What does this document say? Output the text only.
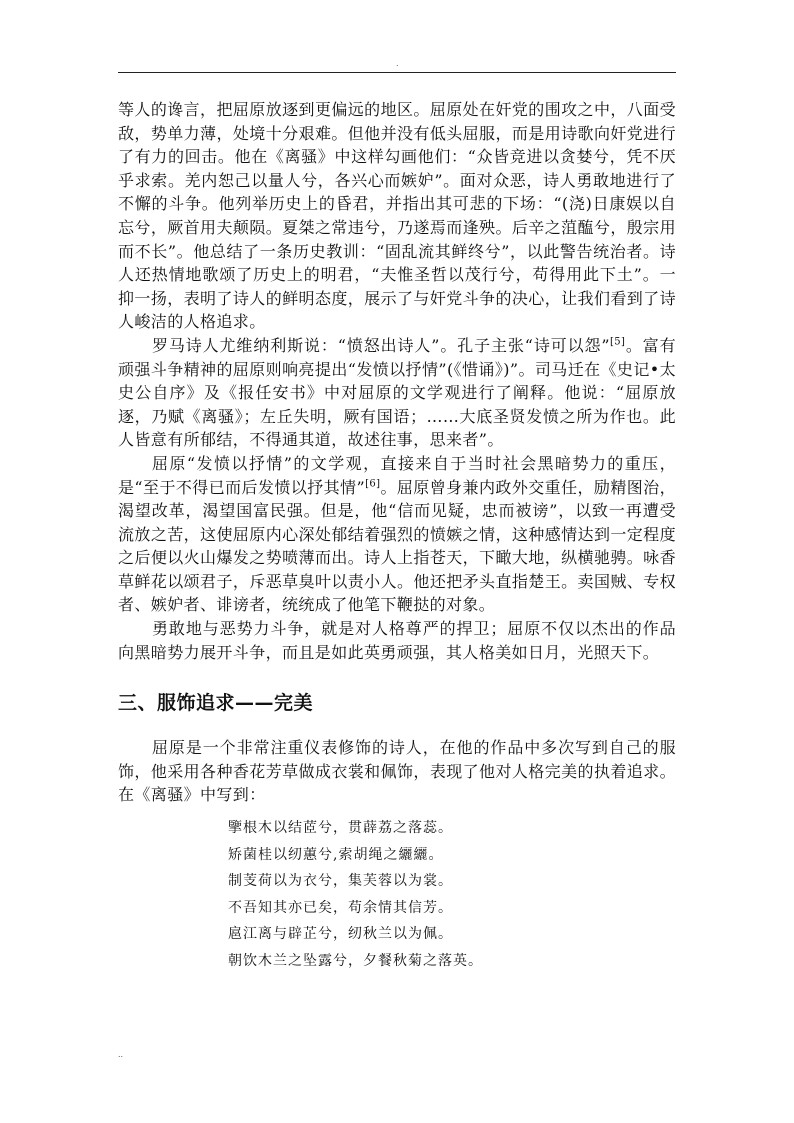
.

等人的谗言，把屈原放逐到更偏远的地区。屈原处在奸党的围攻之中，八面受敌，势单力薄，处境十分艰难。但他并没有低头屈服，而是用诗歌向奸党进行了有力的回击。他在《离骚》中这样勾画他们：“众皆竞进以贪婪兮，凭不厌乎求索。羌内恕己以量人兮，各兴心而嫉妒”。面对众恶，诗人勇敢地进行了不懈的斗争。他列举历史上的昏君，并指出其可悲的下场：“(浇)日康娱以自忘兮，厥首用夫颠陨。夏桀之常违兮，乃遂焉而逢殃。后辛之菹醢兮，殷宗用而不长”。他总结了一条历史教训：“固乱流其鲜终兮”，以此警告统治者。诗人还热情地歌颂了历史上的明君，“夫惟圣哲以茂行兮，苟得用此下土”。一抑一扬，表明了诗人的鲜明态度，展示了与奸党斗争的决心，让我们看到了诗人峻洁的人格追求。

罗马诗人尤维纳利斯说：“愤怒出诗人”。孔子主张“诗可以怨”[5]。富有顽强斗争精神的屈原则响亮提出“发愤以抒情”(《惜诵》)”。司马迁在《史记•太史公自序》及《报任安书》中对屈原的文学观进行了阐释。他说：“屈原放逐，乃赋《离骚》；左丘失明，厥有国语；……大底圣贤发愤之所为作也。此人皆意有所郁结，不得通其道，故述往事，思来者”。

屈原“发愤以抒情”的文学观，直接来自于当时社会黑暗势力的重压，是“至于不得已而后发愤以抒其情”[6]。屈原曾身兼内政外交重任，励精图治，渴望改革，渴望国富民强。但是，他“信而见疑，忠而被谤”，以致一再遭受流放之苦，这使屈原内心深处郁结着强烈的愤嫉之情，这种感情达到一定程度之后便以火山爆发之势喷薄而出。诗人上指苍天，下瞰大地，纵横驰骋。咏香草鲜花以颂君子，斥恶草臭叶以责小人。他还把矛头直指楚王。卖国贼、专权者、嫉妒者、诽谤者，统统成了他笔下鞭挞的对象。

勇敢地与恶势力斗争，就是对人格尊严的捍卫；屈原不仅以杰出的作品向黑暗势力展开斗争，而且是如此英勇顽强，其人格美如日月，光照天下。

三、服饰追求——完美

屈原是一个非常注重仪表修饰的诗人，在他的作品中多次写到自己的服饰，他采用各种香花芳草做成衣裳和佩饰，表现了他对人格完美的执着追求。在《离骚》中写到：

擥根木以结茝兮，贯薜荔之落蕊。
矫菌桂以纫蕙兮,索胡绳之纚纚。
制芰荷以为衣兮，集芙蓉以为裳。
不吾知其亦已矣，苟余情其信芳。
扈江离与辟芷兮，纫秋兰以为佩。
朝饮木兰之坠露兮，夕餐秋菊之落英。
..
